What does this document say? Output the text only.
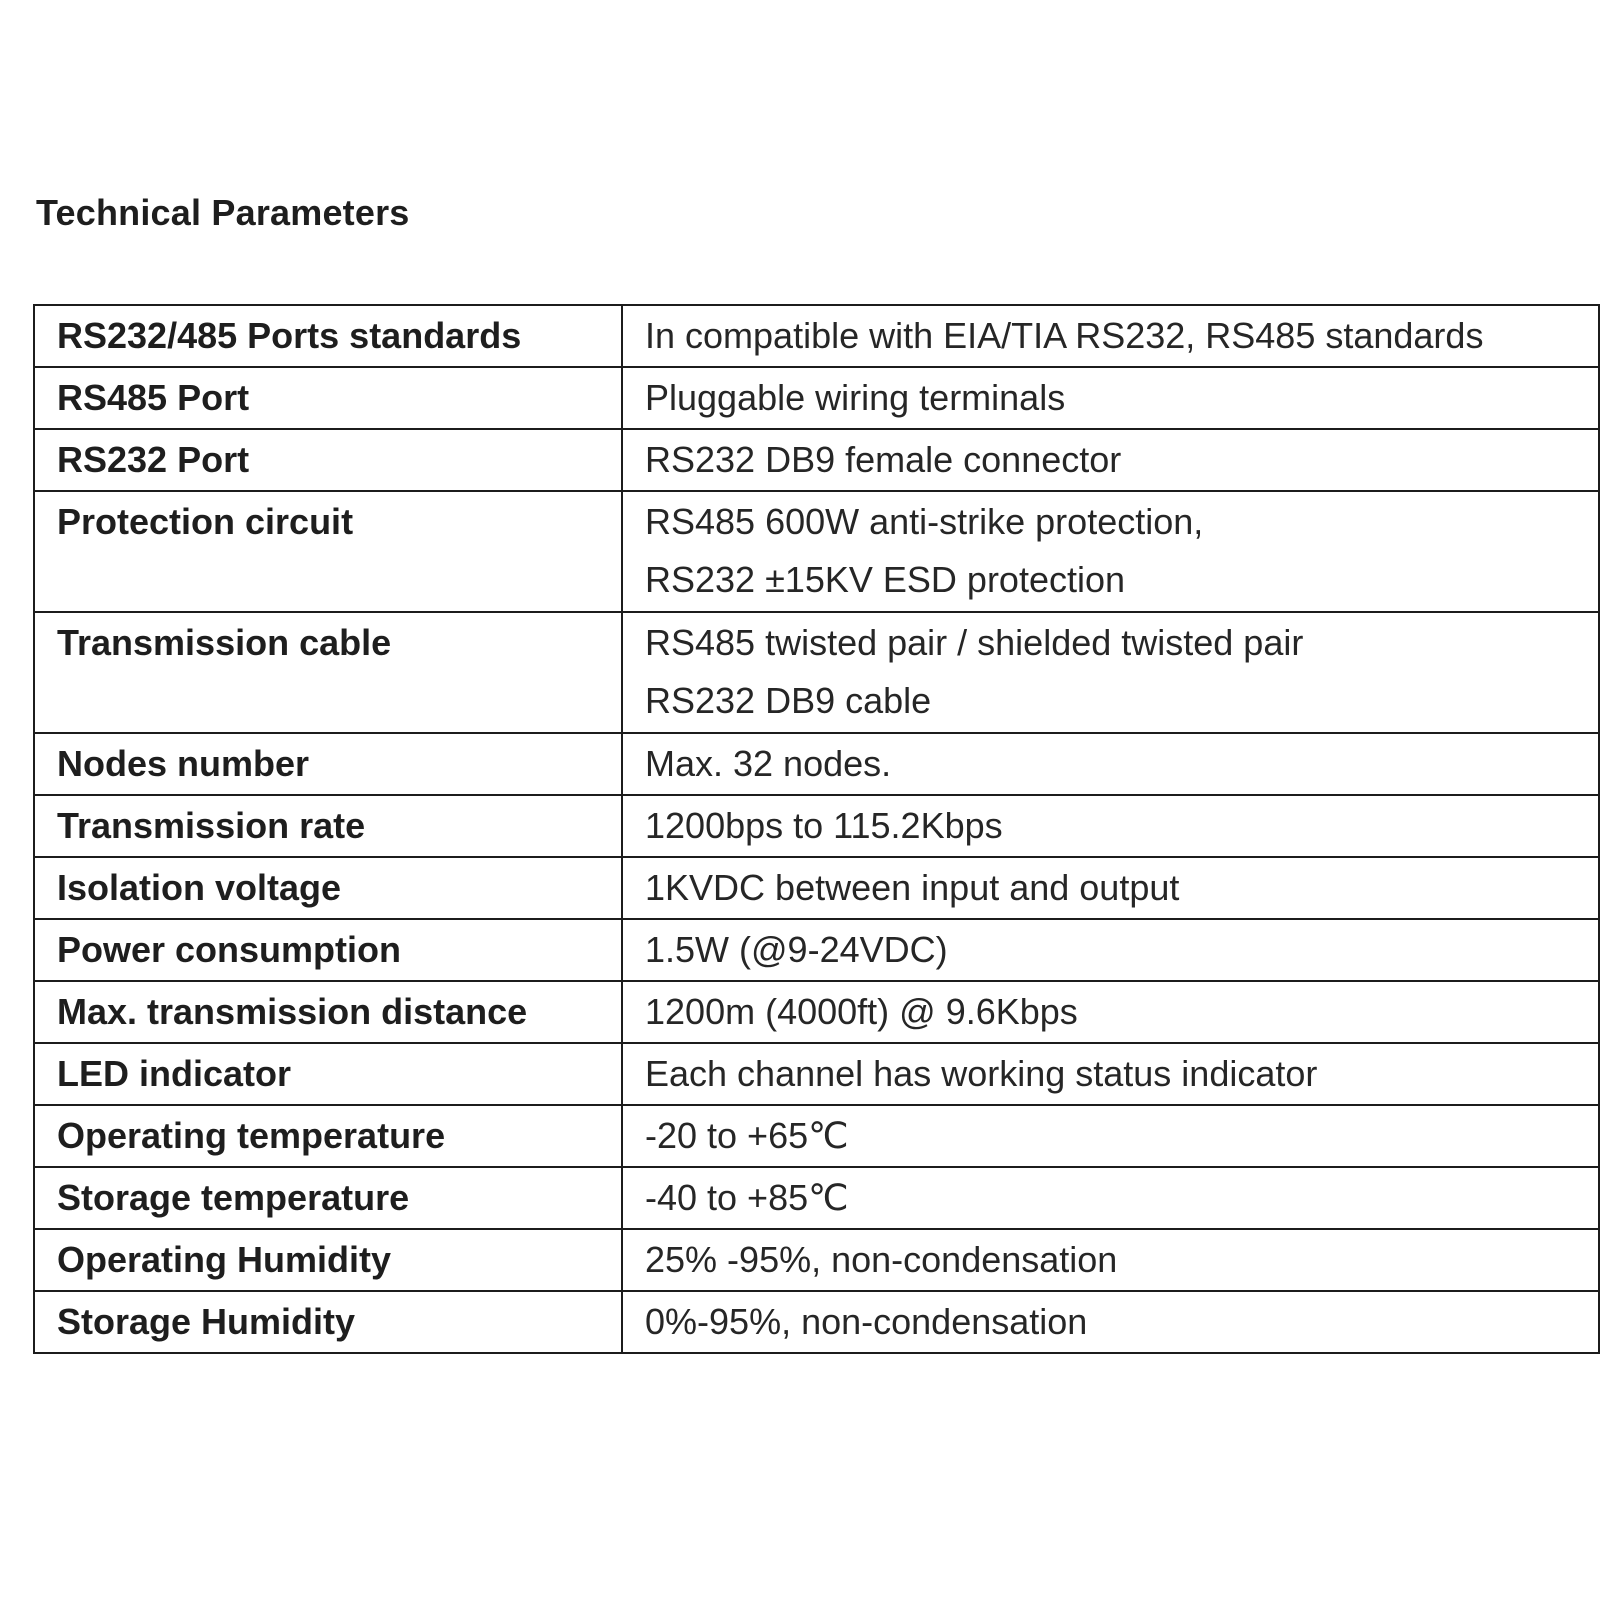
Technical Parameters
RS232/485 Ports standards	In compatible with EIA/TIA RS232, RS485 standards

RS485 Port	Pluggable wiring terminals

RS232 Port	RS232 DB9 female connector

Protection circuit	RS485 600W anti-strike protection,
RS232 ±15KV ESD protection

Transmission cable	RS485 twisted pair / shielded twisted pair
RS232 DB9 cable

Nodes number	Max. 32 nodes.

Transmission rate	1200bps to 115.2Kbps

Isolation voltage	1KVDC between input and output

Power consumption	1.5W (@9-24VDC)

Max. transmission distance	1200m (4000ft) @ 9.6Kbps

LED indicator	Each channel has working status indicator

Operating temperature	-20 to +65℃

Storage temperature	-40 to +85℃

Operating Humidity	25% -95%, non-condensation

Storage Humidity	0%-95%, non-condensation
